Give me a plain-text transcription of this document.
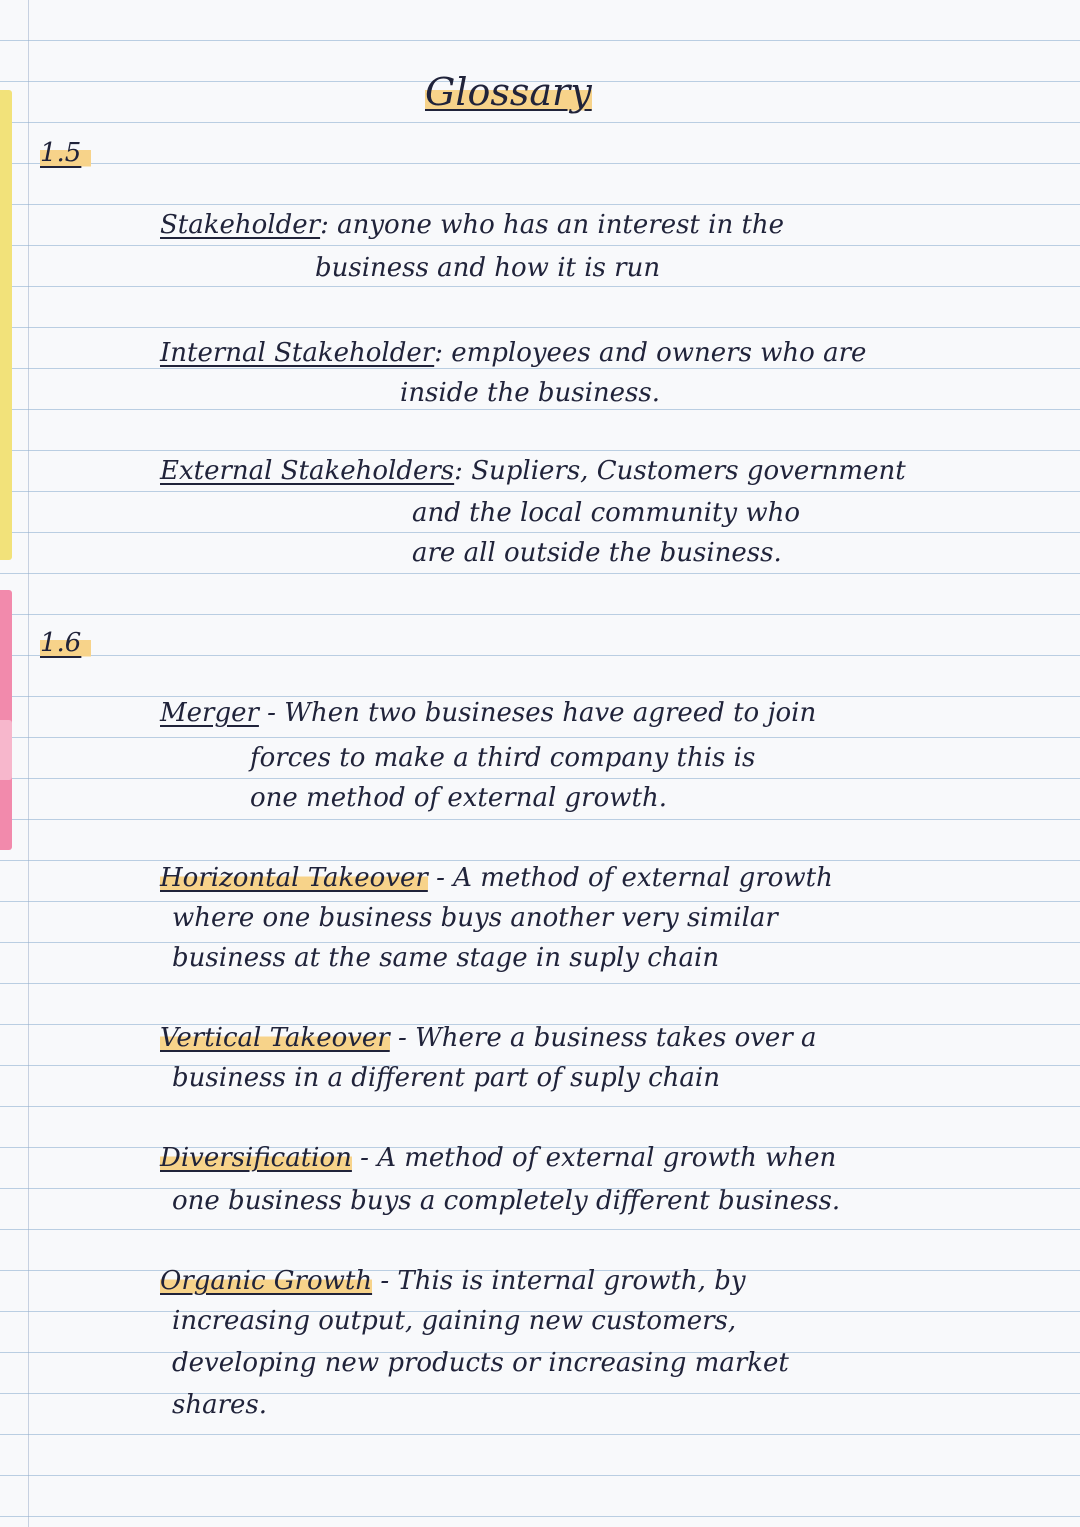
Glossary

1.5

Stakeholder: anyone who has an interest in the

business and how it is run

Internal Stakeholder: employees and owners who are

inside the business.

External Stakeholders: Supliers, Customers government

and the local community who

are all outside the business.

1.6

Merger - When two busineses have agreed to join

forces to make a third company this is

one method of external growth.

Horizontal Takeover - A method of external growth

where one business buys another very similar

business at the same stage in suply chain

Vertical Takeover - Where a business takes over a

business in a different part of suply chain

Diversification - A method of external growth when

one business buys a completely different business.

Organic Growth - This is internal growth, by

increasing output, gaining new customers,

developing new products or increasing market

shares.
